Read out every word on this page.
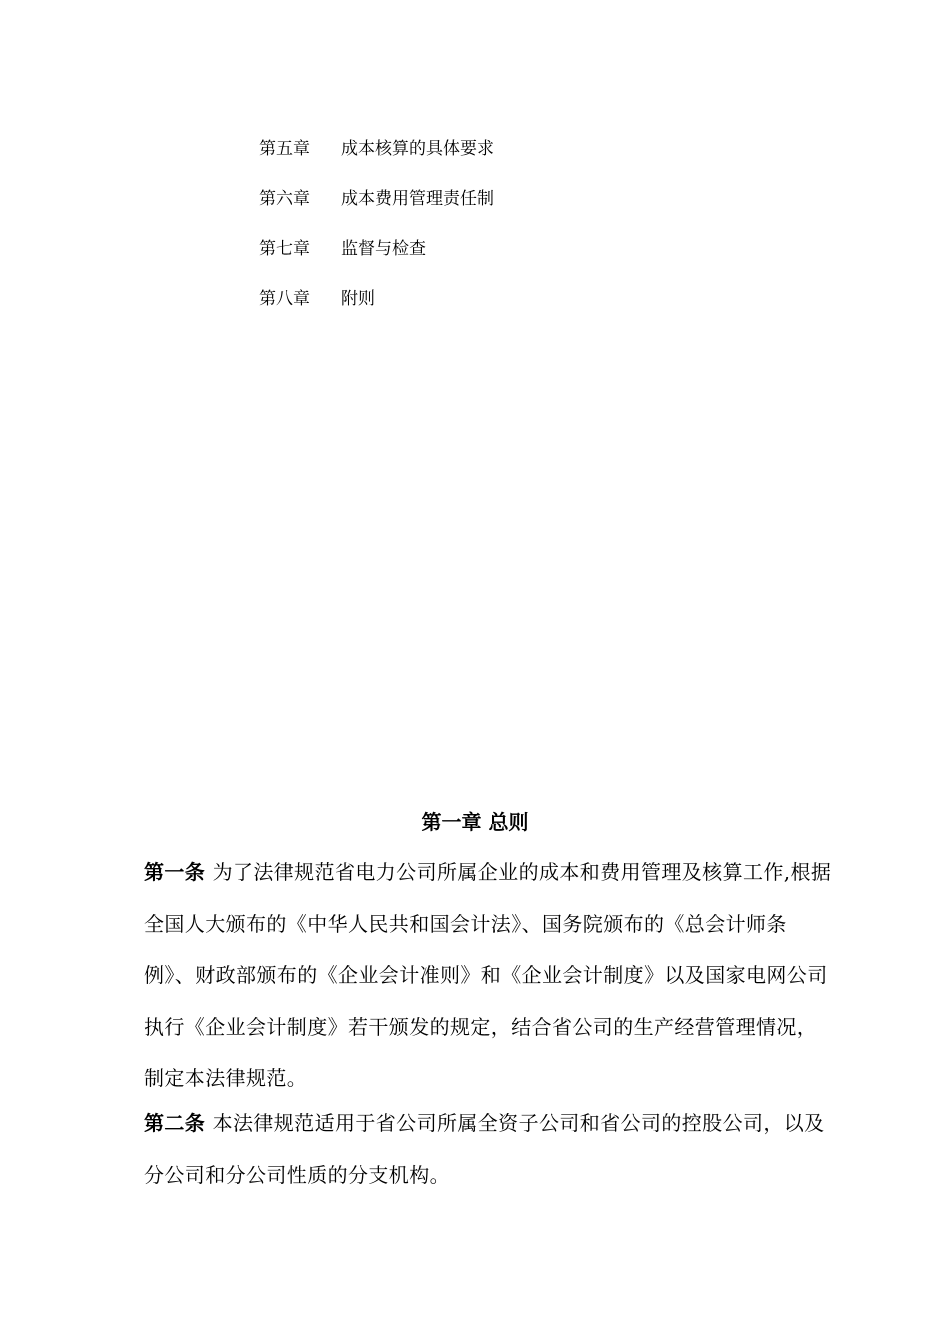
第五章	成本核算的具体要求
第六章	成本费用管理责任制
第七章	监督与检查
第八章	附则
第一章 总则
第一条 为了法律规范省电力公司所属企业的成本和费用管理及核算工作,根据全国人大颁布的《中华人民共和国会计法》、国务院颁布的《总会计师条例》、财政部颁布的《企业会计准则》和《企业会计制度》以及国家电网公司执行《企业会计制度》若干颁发的规定，结合省公司的生产经营管理情况，制定本法律规范。
第二条 本法律规范适用于省公司所属全资子公司和省公司的控股公司，以及分公司和分公司性质的分支机构。
